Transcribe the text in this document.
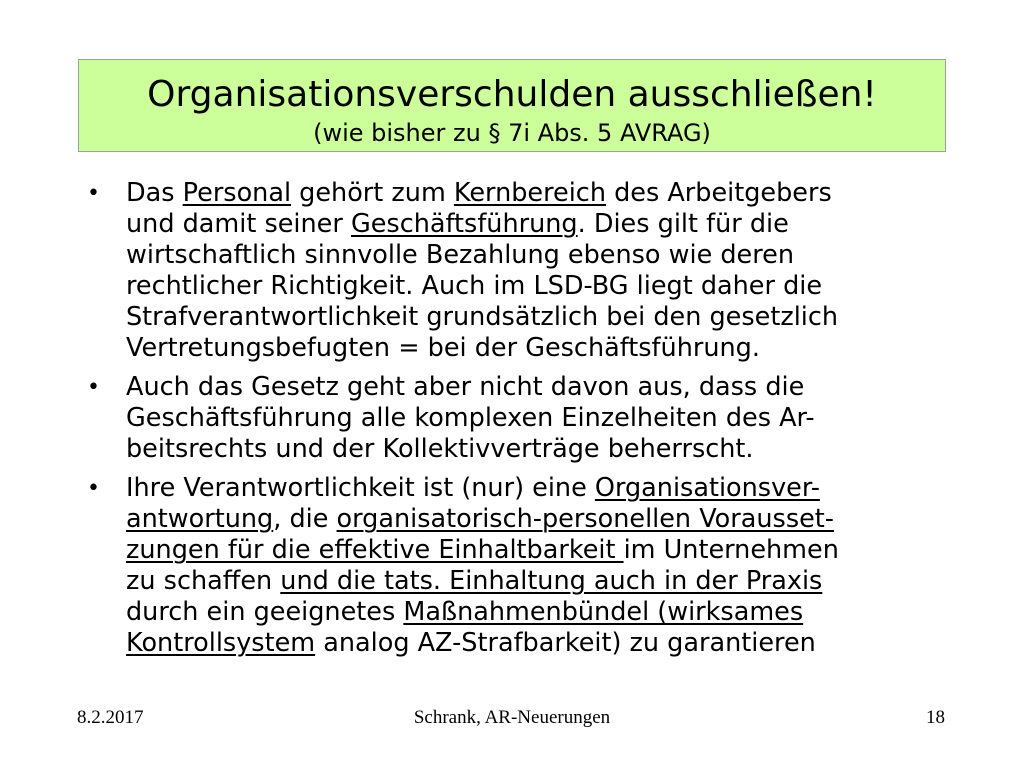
Organisationsverschulden ausschließen!
(wie bisher zu § 7i Abs. 5 AVRAG)
• Das Personal gehört zum Kernbereich des Arbeitgebers
und damit seiner Geschäftsführung. Dies gilt für die
wirtschaftlich sinnvolle Bezahlung ebenso wie deren
rechtlicher Richtigkeit. Auch im LSD-BG liegt daher die
Strafverantwortlichkeit grundsätzlich bei den gesetzlich
Vertretungsbefugten = bei der Geschäftsführung.
• Auch das Gesetz geht aber nicht davon aus, dass die
Geschäftsführung alle komplexen Einzelheiten des Ar-
beitsrechts und der Kollektivverträge beherrscht.
• Ihre Verantwortlichkeit ist (nur) eine Organisationsver-
antwortung, die organisatorisch-personellen Vorausset-
zungen für die effektive Einhaltbarkeit im Unternehmen
zu schaffen und die tats. Einhaltung auch in der Praxis
durch ein geeignetes Maßnahmenbündel (wirksames
Kontrollsystem analog AZ-Strafbarkeit) zu garantieren
8.2.2017	Schrank, AR-Neuerungen	18
